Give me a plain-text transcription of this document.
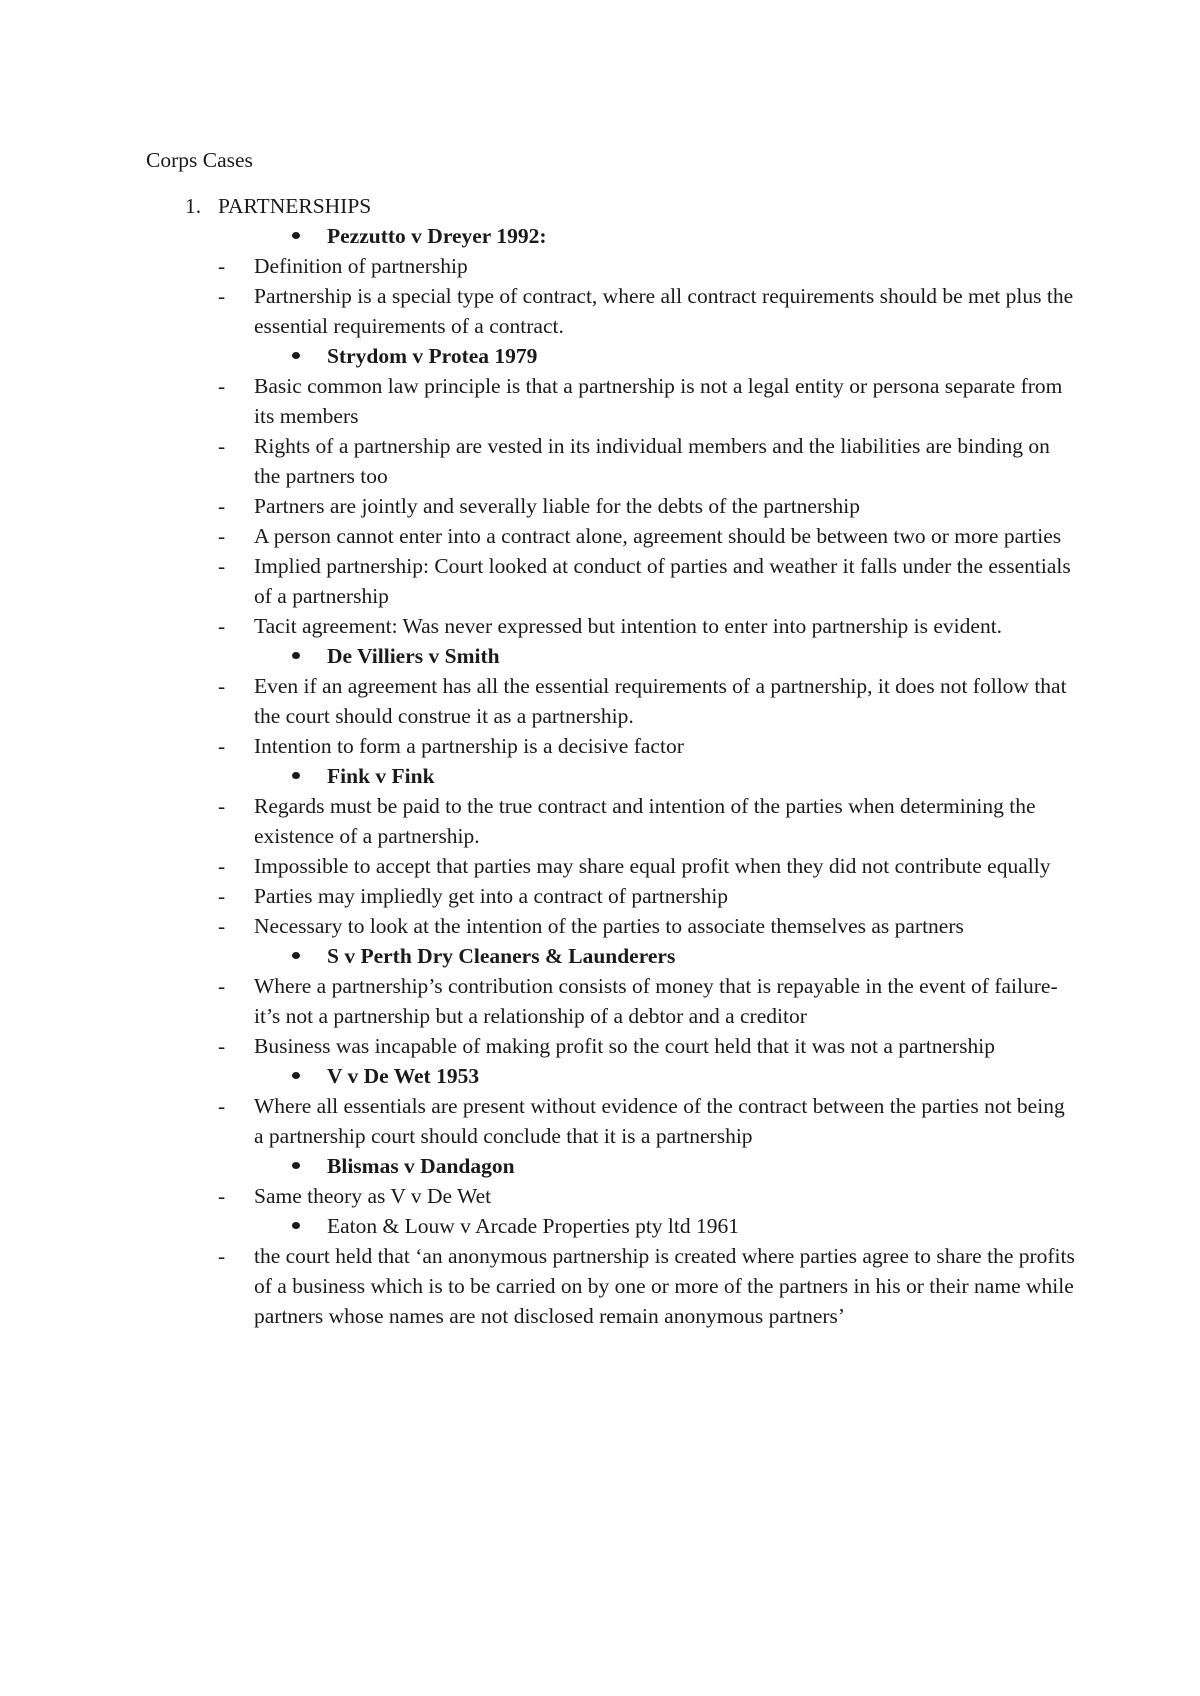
Corps Cases
1. PARTNERSHIPS
Pezzutto v Dreyer 1992:
- Definition of partnership
- Partnership is a special type of contract, where all contract requirements should be met plus the essential requirements of a contract.
Strydom v Protea 1979
- Basic common law principle is that a partnership is not a legal entity or persona separate from its members
- Rights of a partnership are vested in its individual members and the liabilities are binding on the partners too
- Partners are jointly and severally liable for the debts of the partnership
- A person cannot enter into a contract alone, agreement should be between two or more parties
- Implied partnership: Court looked at conduct of parties and weather it falls under the essentials of a partnership
- Tacit agreement: Was never expressed but intention to enter into partnership is evident.
De Villiers v Smith
- Even if an agreement has all the essential requirements of a partnership, it does not follow that the court should construe it as a partnership.
- Intention to form a partnership is a decisive factor
Fink v Fink
- Regards must be paid to the true contract and intention of the parties when determining the existence of a partnership.
- Impossible to accept that parties may share equal profit when they did not contribute equally
- Parties may impliedly get into a contract of partnership
- Necessary to look at the intention of the parties to associate themselves as partners
S v Perth Dry Cleaners & Launderers
- Where a partnership’s contribution consists of money that is repayable in the event of failure- it’s not a partnership but a relationship of a debtor and a creditor
- Business was incapable of making profit so the court held that it was not a partnership
V v De Wet 1953
- Where all essentials are present without evidence of the contract between the parties not being a partnership court should conclude that it is a partnership
Blismas v Dandagon
- Same theory as V v De Wet
Eaton & Louw v Arcade Properties pty ltd 1961
- the court held that ‘an anonymous partnership is created where parties agree to share the profits of a business which is to be carried on by one or more of the partners in his or their name while partners whose names are not disclosed remain anonymous partners’
